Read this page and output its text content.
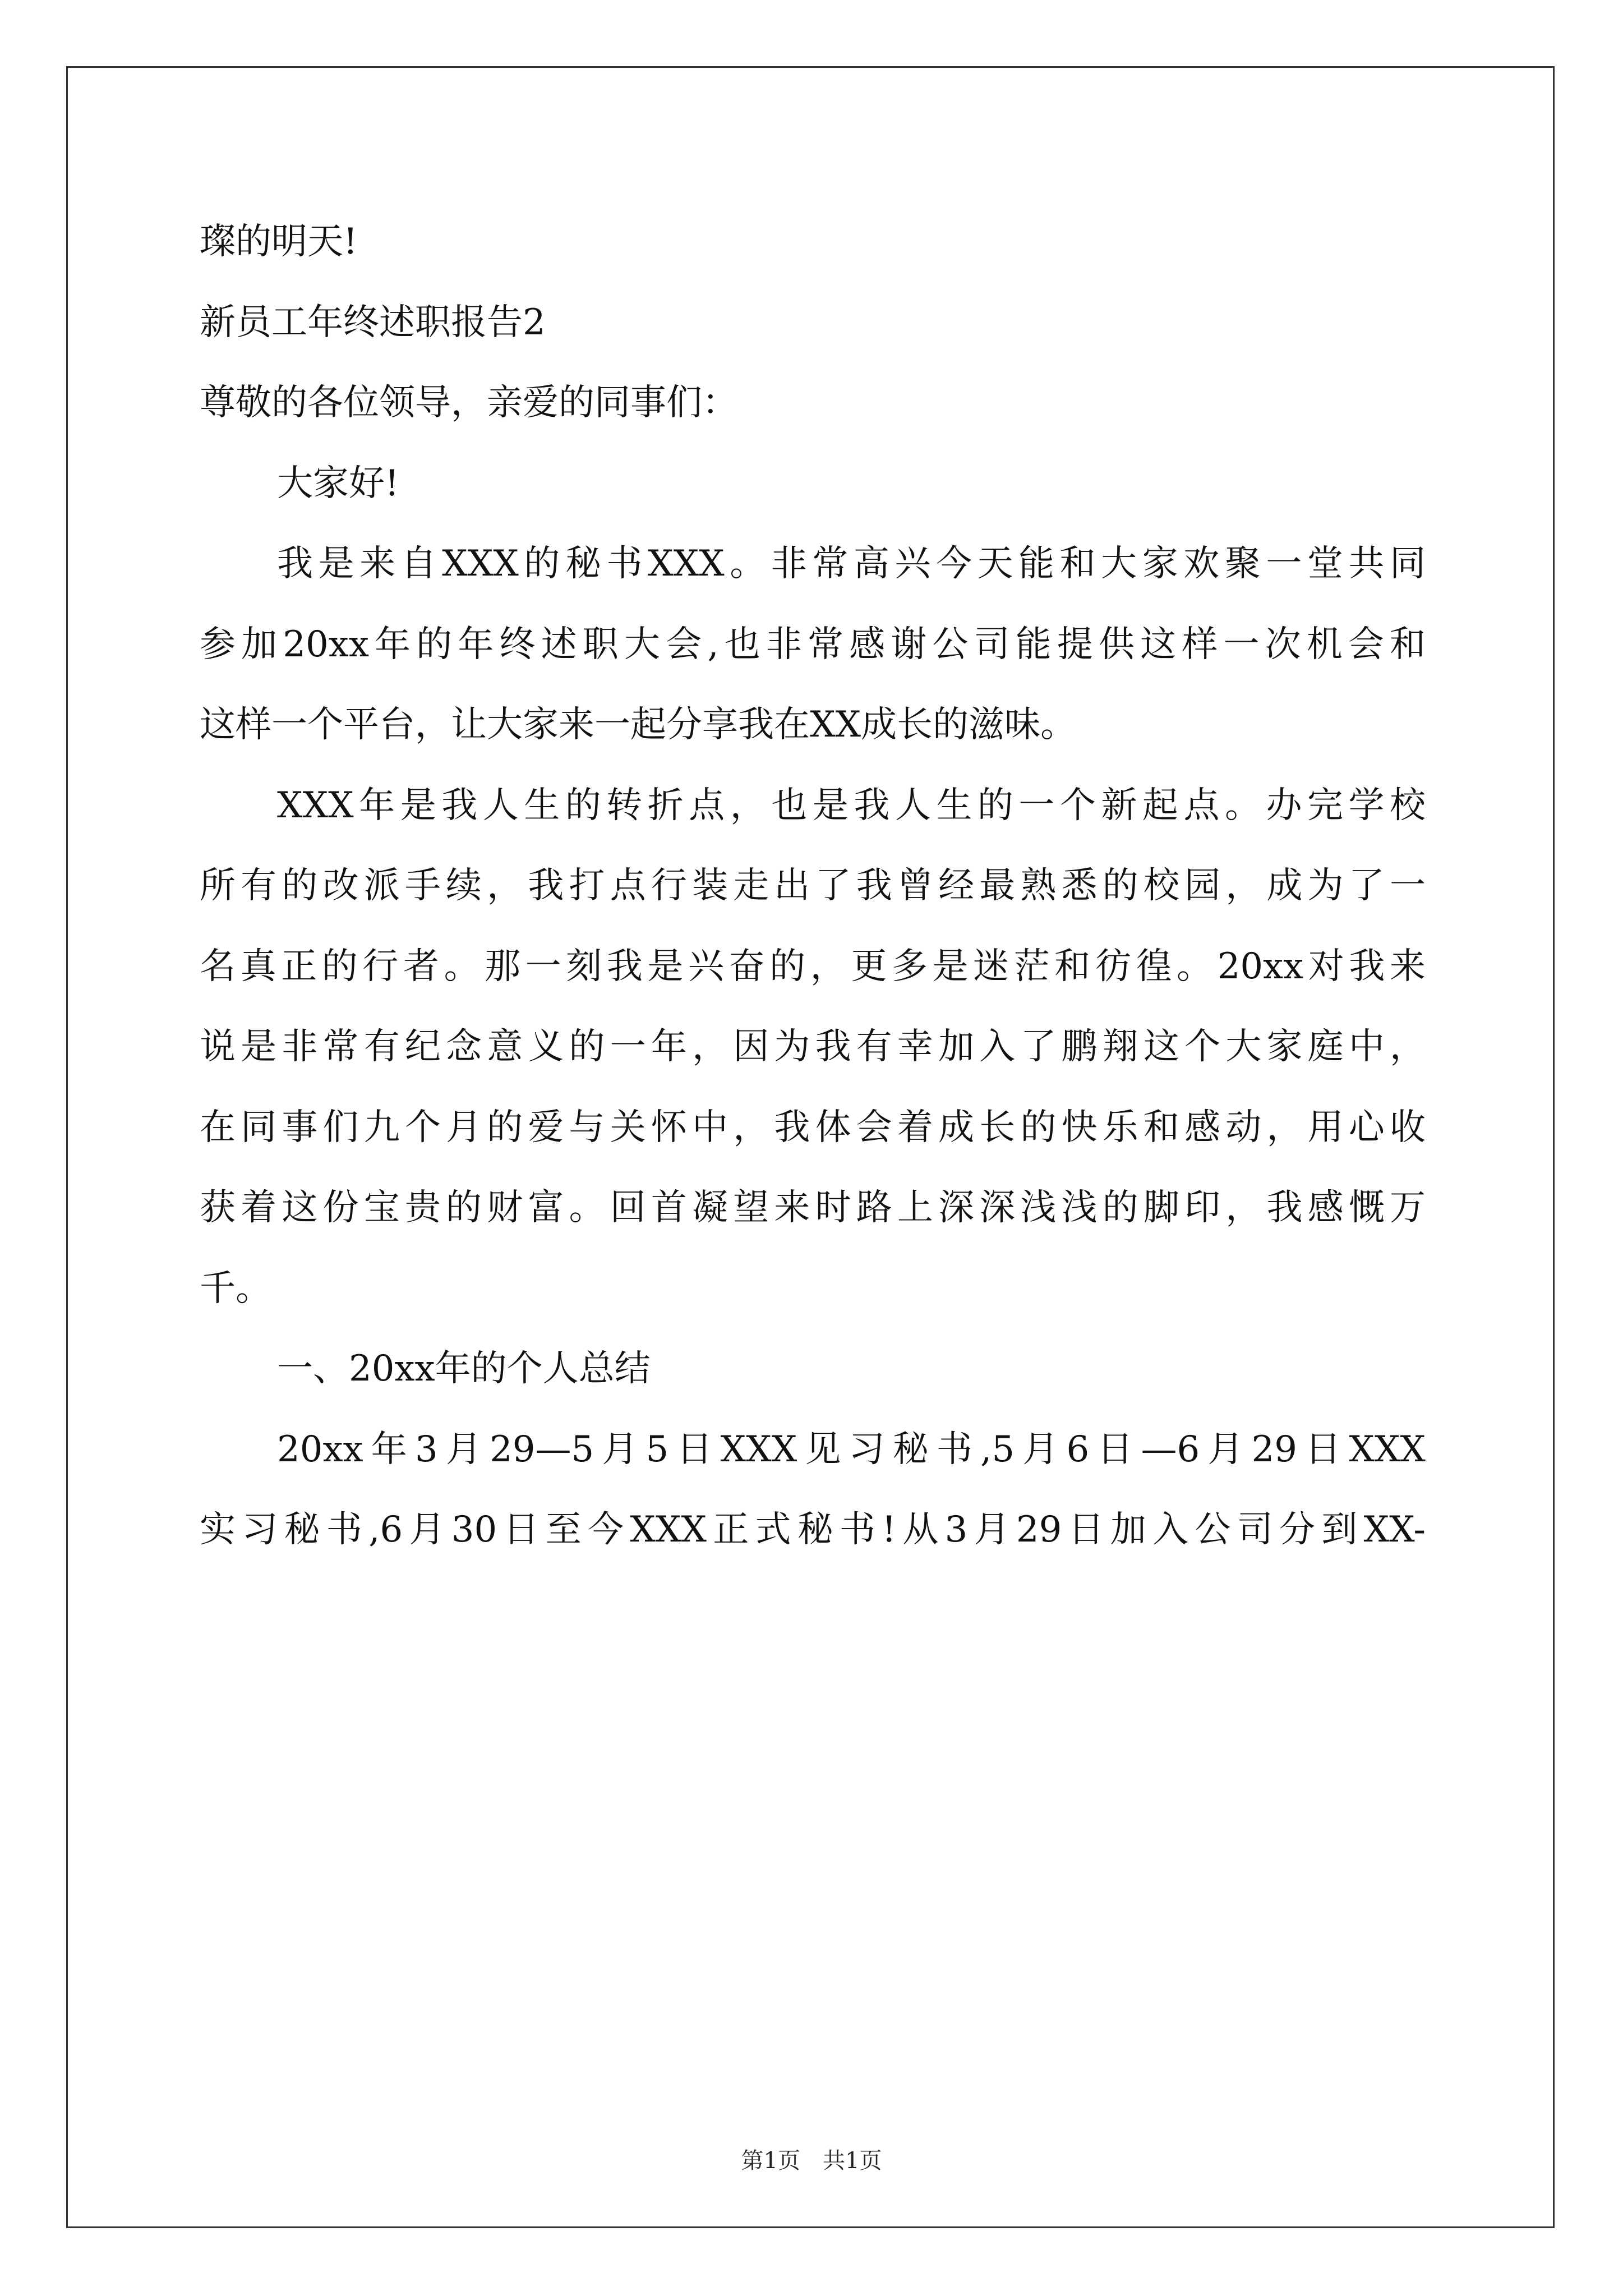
璨的明天!

新员工年终述职报告2

尊敬的各位领导，亲爱的同事们：

大家好!

我是来自XXX的秘书XXX。非常高兴今天能和大家欢聚一堂共同

参加20xx年的年终述职大会,也非常感谢公司能提供这样一次机会和

这样一个平台，让大家来一起分享我在XX成长的滋味。

XXX年是我人生的转折点，也是我人生的一个新起点。办完学校

所有的改派手续，我打点行装走出了我曾经最熟悉的校园，成为了一

名真正的行者。那一刻我是兴奋的，更多是迷茫和彷徨。20xx对我来

说是非常有纪念意义的一年，因为我有幸加入了鹏翔这个大家庭中，

在同事们九个月的爱与关怀中，我体会着成长的快乐和感动，用心收

获着这份宝贵的财富。回首凝望来时路上深深浅浅的脚印，我感慨万

千。

一、20xx年的个人总结

20xx年3月29—5月5日XXX见习秘书,5月6日—6月29日XXX

实习秘书,6月30日至今XXX正式秘书!从3月29日加入公司分到XX-

第1页　共1页
